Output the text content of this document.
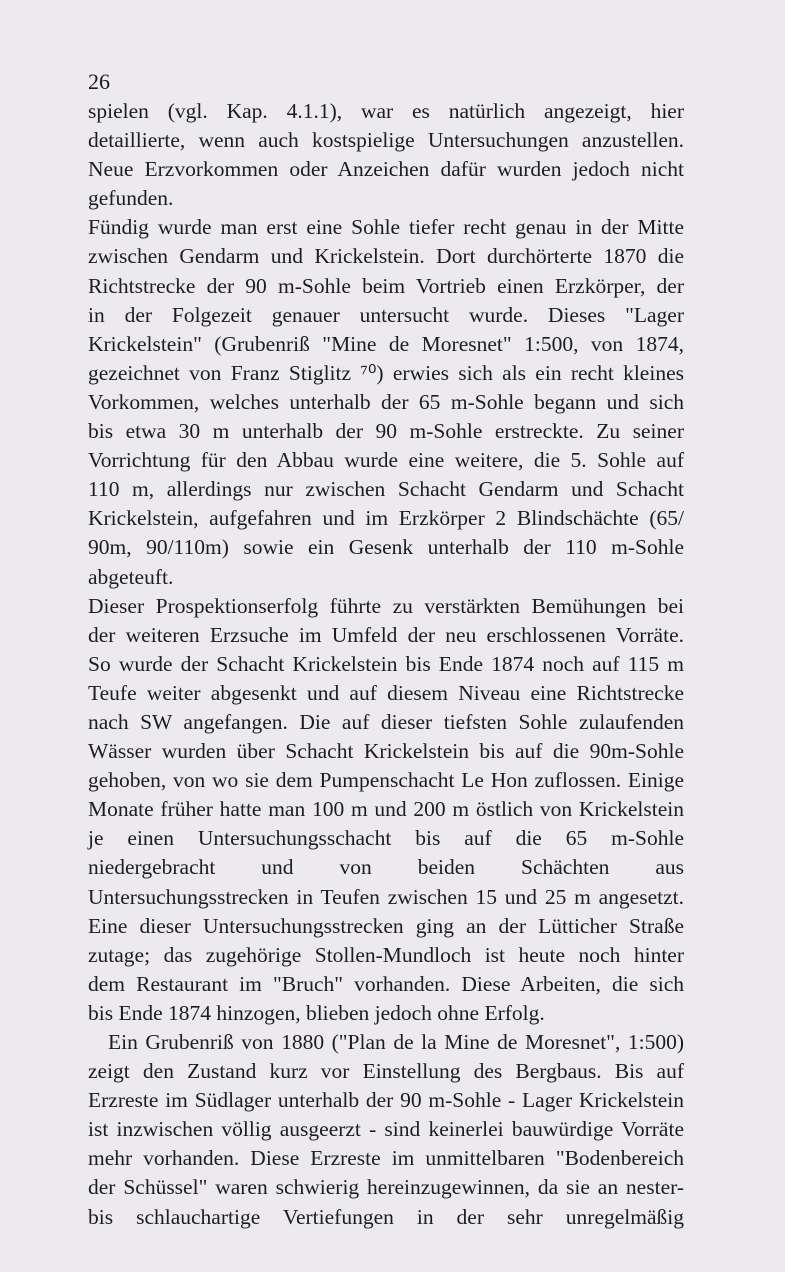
26
spielen (vgl. Kap. 4.1.1), war es natürlich angezeigt, hier
detaillierte, wenn auch kostspielige Untersuchungen anzustellen.
Neue Erzvorkommen oder Anzeichen dafür wurden jedoch nicht
gefunden.
Fündig wurde man erst eine Sohle tiefer recht genau in der Mitte
zwischen Gendarm und Krickelstein. Dort durchörterte 1870 die
Richtstrecke der 90 m-Sohle beim Vortrieb einen Erzkörper, der
in der Folgezeit genauer untersucht wurde. Dieses "Lager
Krickelstein" (Grubenriß "Mine de Moresnet" 1:500, von 1874,
gezeichnet von Franz Stiglitz ⁷⁰) erwies sich als ein recht kleines
Vorkommen, welches unterhalb der 65 m-Sohle begann und sich
bis etwa 30 m unterhalb der 90 m-Sohle erstreckte. Zu seiner
Vorrichtung für den Abbau wurde eine weitere, die 5. Sohle auf
110 m, allerdings nur zwischen Schacht Gendarm und Schacht
Krickelstein, aufgefahren und im Erzkörper 2 Blindschächte (65/
90m, 90/110m) sowie ein Gesenk unterhalb der 110 m-Sohle
abgeteuft.
Dieser Prospektionserfolg führte zu verstärkten Bemühungen bei
der weiteren Erzsuche im Umfeld der neu erschlossenen Vorräte.
So wurde der Schacht Krickelstein bis Ende 1874 noch auf 115 m
Teufe weiter abgesenkt und auf diesem Niveau eine Richtstrecke
nach SW angefangen. Die auf dieser tiefsten Sohle zulaufenden
Wässer wurden über Schacht Krickelstein bis auf die 90m-Sohle
gehoben, von wo sie dem Pumpenschacht Le Hon zuflossen. Einige
Monate früher hatte man 100 m und 200 m östlich von Krickelstein
je einen Untersuchungsschacht bis auf die 65 m-Sohle
niedergebracht und von beiden Schächten aus
Untersuchungsstrecken in Teufen zwischen 15 und 25 m angesetzt.
Eine dieser Untersuchungsstrecken ging an der Lütticher Straße
zutage; das zugehörige Stollen-Mundloch ist heute noch hinter
dem Restaurant im "Bruch" vorhanden. Diese Arbeiten, die sich
bis Ende 1874 hinzogen, blieben jedoch ohne Erfolg.
Ein Grubenriß von 1880 ("Plan de la Mine de Moresnet", 1:500)
zeigt den Zustand kurz vor Einstellung des Bergbaus. Bis auf
Erzreste im Südlager unterhalb der 90 m-Sohle - Lager Krickelstein
ist inzwischen völlig ausgeerzt - sind keinerlei bauwürdige Vorräte
mehr vorhanden. Diese Erzreste im unmittelbaren "Bodenbereich
der Schüssel" waren schwierig hereinzugewinnen, da sie an nester-
bis schlauchartige Vertiefungen in der sehr unregelmäßig
